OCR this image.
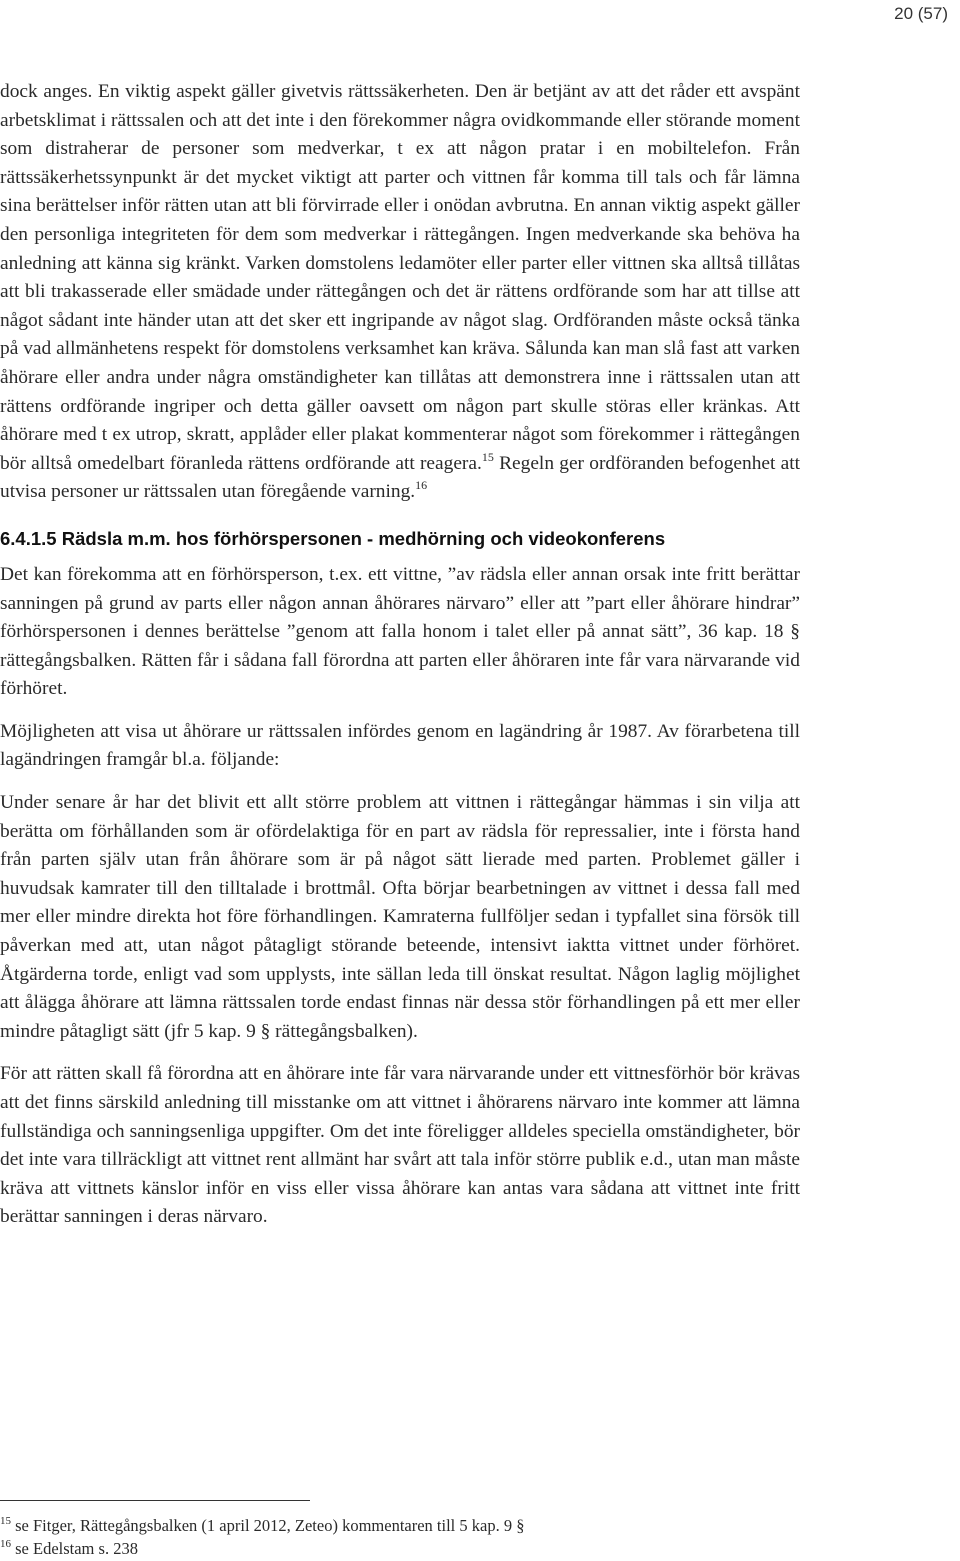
20 (57)

dock anges. En viktig aspekt gäller givetvis rättssäkerheten. Den är betjänt av att det råder ett avspänt arbetsklimat i rättssalen och att det inte i den förekommer några ovidkommande eller störande moment som distraherar de personer som medverkar, t ex att någon pratar i en mobiltelefon. Från rättssäkerhetssynpunkt är det mycket viktigt att parter och vittnen får komma till tals och får lämna sina berättelser inför rätten utan att bli förvirrade eller i onödan avbrutna. En annan viktig aspekt gäller den personliga integriteten för dem som medverkar i rättegången. Ingen medverkande ska behöva ha anledning att känna sig kränkt. Varken domstolens ledamöter eller parter eller vittnen ska alltså tillåtas att bli trakasserade eller smädade under rättegången och det är rättens ordförande som har att tillse att något sådant inte händer utan att det sker ett ingripande av något slag. Ordföranden måste också tänka på vad allmänhetens respekt för domstolens verksamhet kan kräva. Sålunda kan man slå fast att varken åhörare eller andra under några omständigheter kan tillåtas att demonstrera inne i rättssalen utan att rättens ordförande ingriper och detta gäller oavsett om någon part skulle störas eller kränkas. Att åhörare med t ex utrop, skratt, applåder eller plakat kommenterar något som förekommer i rättegången bör alltså omedelbart föranleda rättens ordförande att reagera.$^{15}$ Regeln ger ordföranden befogenhet att utvisa personer ur rättssalen utan föregående varning.$^{16}$

6.4.1.5 Rädsla m.m. hos förhörspersonen - medhörning och videokonferens

Det kan förekomma att en förhörsperson, t.ex. ett vittne, ”av rädsla eller annan orsak inte fritt berättar sanningen på grund av parts eller någon annan åhörares närvaro” eller att ”part eller åhörare hindrar” förhörspersonen i dennes berättelse ”genom att falla honom i talet eller på annat sätt”, 36 kap. 18 § rättegångsbalken. Rätten får i sådana fall förordna att parten eller åhöraren inte får vara närvarande vid förhöret.

Möjligheten att visa ut åhörare ur rättssalen infördes genom en lagändring år 1987. Av förarbetena till lagändringen framgår bl.a. följande:

Under senare år har det blivit ett allt större problem att vittnen i rättegångar hämmas i sin vilja att berätta om förhållanden som är ofördelaktiga för en part av rädsla för repressalier, inte i första hand från parten själv utan från åhörare som är på något sätt lierade med parten. Problemet gäller i huvudsak kamrater till den tilltalade i brottmål. Ofta börjar bearbetningen av vittnet i dessa fall med mer eller mindre direkta hot före förhandlingen. Kamraterna fullföljer sedan i typfallet sina försök till påverkan med att, utan något påtagligt störande beteende, intensivt iaktta vittnet under förhöret. Åtgärderna torde, enligt vad som upplysts, inte sällan leda till önskat resultat. Någon laglig möjlighet att ålägga åhörare att lämna rättssalen torde endast finnas när dessa stör förhandlingen på ett mer eller mindre påtagligt sätt (jfr 5 kap. 9 § rättegångsbalken).

För att rätten skall få förordna att en åhörare inte får vara närvarande under ett vittnesförhör bör krävas att det finns särskild anledning till misstanke om att vittnet i åhörarens närvaro inte kommer att lämna fullständiga och sanningsenliga uppgifter. Om det inte föreligger alldeles speciella omständigheter, bör det inte vara tillräckligt att vittnet rent allmänt har svårt att tala inför större publik e.d., utan man måste kräva att vittnets känslor inför en viss eller vissa åhörare kan antas vara sådana att vittnet inte fritt berättar sanningen i deras närvaro.

$^{15}$ se Fitger, Rättegångsbalken (1 april 2012, Zeteo) kommentaren till 5 kap. 9 §
$^{16}$ se Edelstam s. 238
